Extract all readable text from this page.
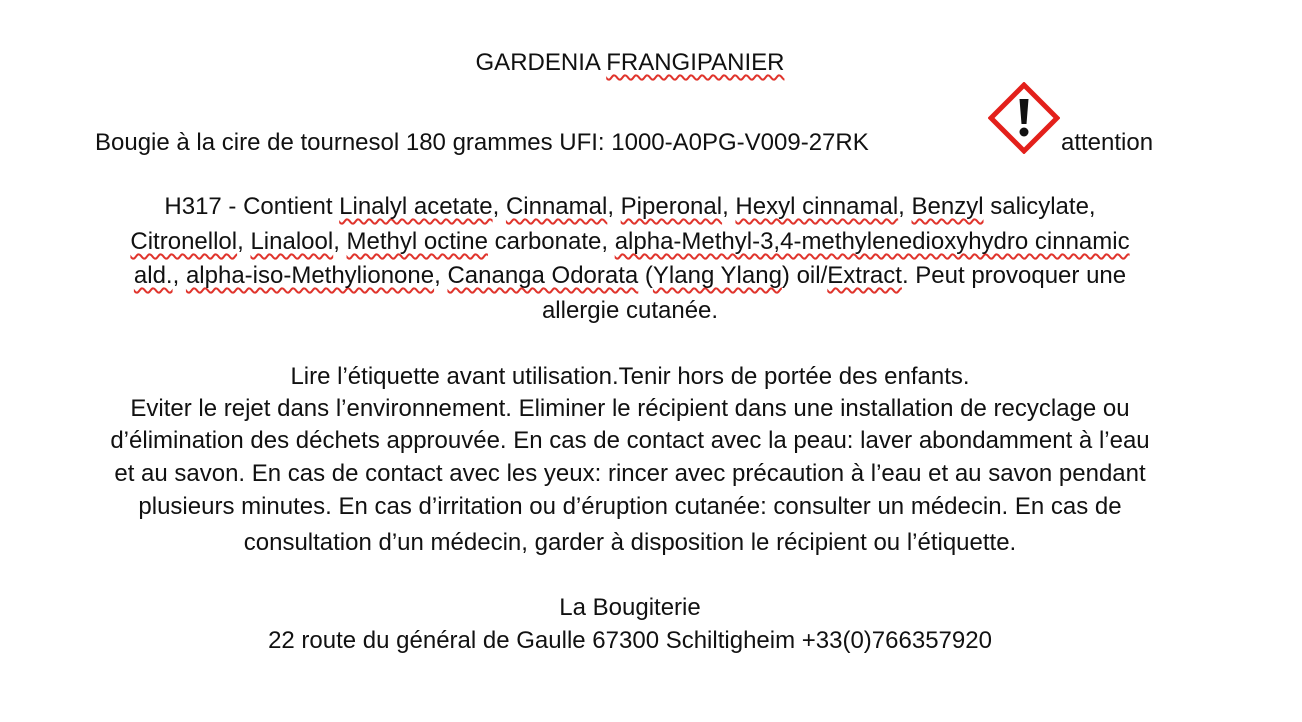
GARDENIA FRANGIPANIER
Bougie à la cire de tournesol 180 grammes UFI: 1000-A0PG-V009-27RK	attention
H317 - Contient Linalyl acetate, Cinnamal, Piperonal, Hexyl cinnamal, Benzyl salicylate,
Citronellol, Linalool, Methyl octine carbonate, alpha-Methyl-3,4-methylenedioxyhydro cinnamic
ald., alpha-iso-Methylionone, Cananga Odorata (Ylang Ylang) oil/Extract. Peut provoquer une
allergie cutanée.
Lire l’étiquette avant utilisation.Tenir hors de portée des enfants.
Eviter le rejet dans l’environnement. Eliminer le récipient dans une installation de recyclage ou
d’élimination des déchets approuvée. En cas de contact avec la peau: laver abondamment à l’eau
et au savon. En cas de contact avec les yeux: rincer avec précaution à l’eau et au savon pendant
plusieurs minutes. En cas d’irritation ou d’éruption cutanée: consulter un médecin. En cas de
consultation d’un médecin, garder à disposition le récipient ou l’étiquette.
La Bougiterie
22 route du général de Gaulle 67300 Schiltigheim +33(0)766357920
